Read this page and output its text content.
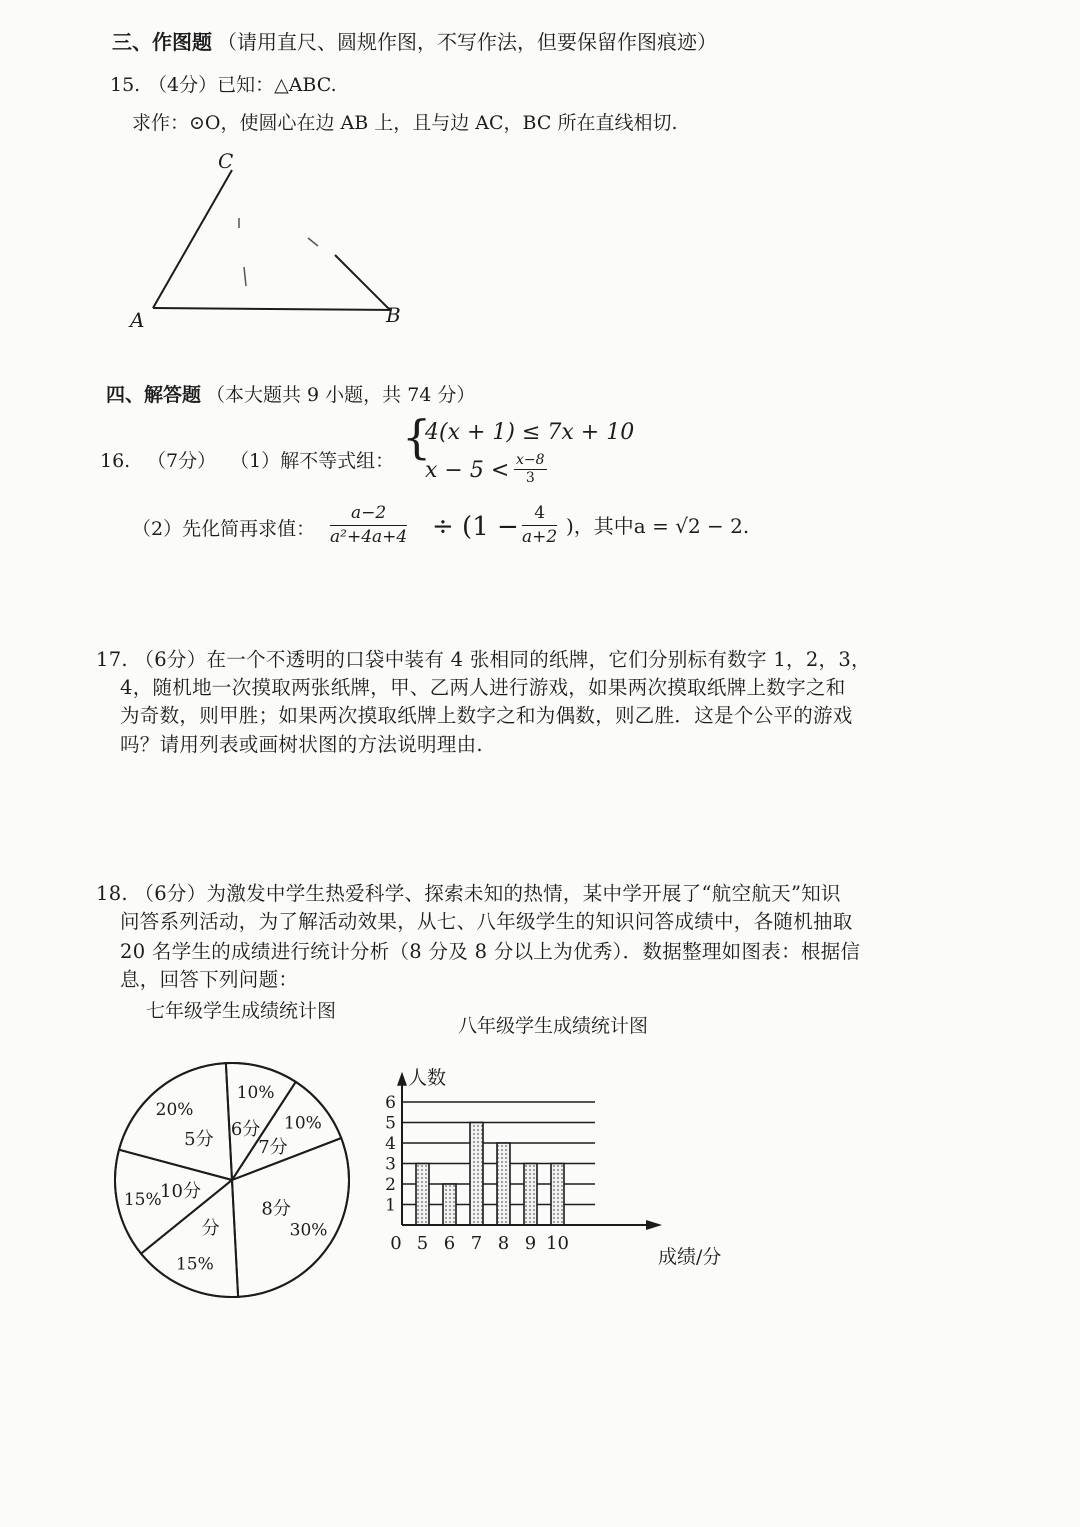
三、作图题 （请用直尺、圆规作图，不写作法，但要保留作图痕迹）
15. （4分）已知：△ABC.
求作：⊙O，使圆心在边 AB 上，且与边 AC，BC 所在直线相切.
A	B
C
四、解答题 （本大题共 9 小题，共 74 分）
16. （7分） （1）解不等式组： {
4(x + 1) ≤ 7x + 10
$x - 5 < \frac{x-8}{3}$
（2）先化简再求值： $\frac{a-2}{\text{a²+4a+4}} \div (1 - \frac{4}{a+2}$ )，其中a = √2 − 2.
17. （6分）在一个不透明的口袋中装有 4 张相同的纸牌，它们分别标有数字 1，2，3，
4，随机地一次摸取两张纸牌，甲、乙两人进行游戏，如果两次摸取纸牌上数字之和
为奇数，则甲胜；如果两次摸取纸牌上数字之和为偶数，则乙胜．这是个公平的游戏
吗？请用列表或画树状图的方法说明理由.
18. （6分）为激发中学生热爱科学、探索未知的热情，某中学开展了“航空航天”知识
问答系列活动，为了解活动效果，从七、八年级学生的知识问答成绩中，各随机抽取
20 名学生的成绩进行统计分析（8 分及 8 分以上为优秀）．数据整理如图表：根据信
息，回答下列问题：
七年级学生成绩统计图
5分
20%
6分
10%
7分
10%
8分
30%
分
15%
10分
15%
八年级学生成绩统计图
1
2
3
4
5
6
5 6 7 8 9 10
0
人数
成绩/分
